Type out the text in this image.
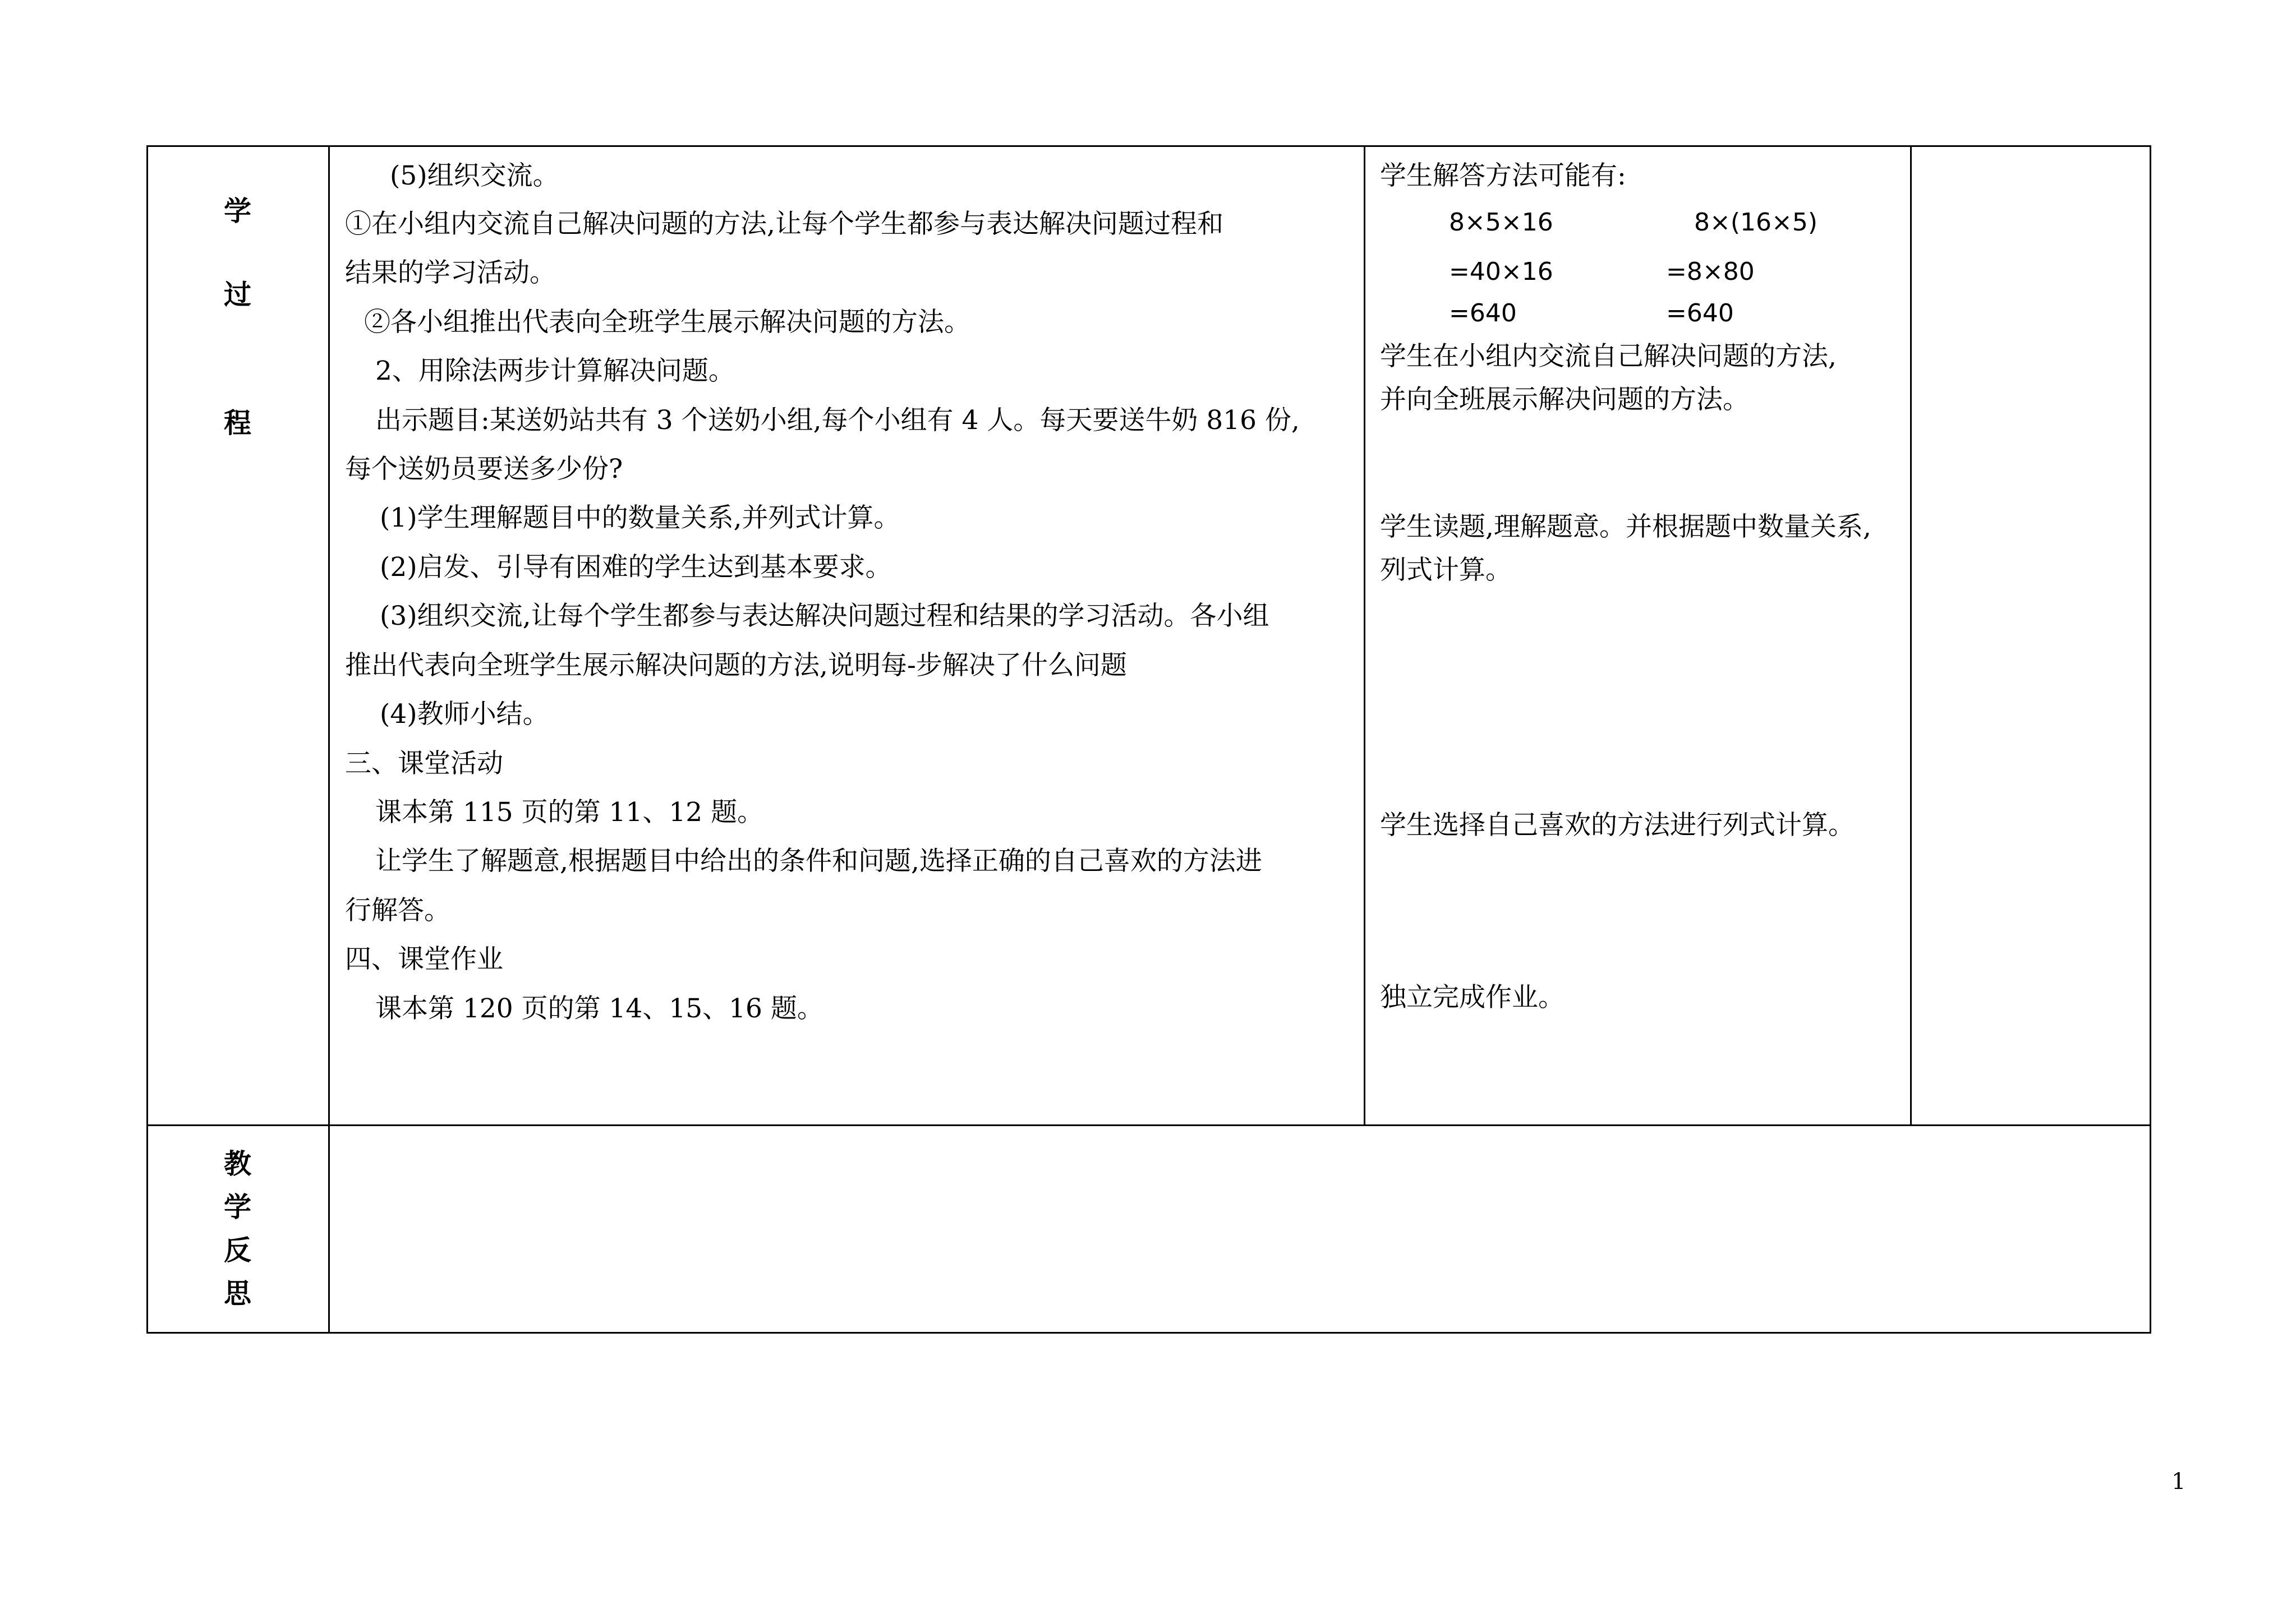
学
过
程
教
学
反
思
(5)组织交流。
①在小组内交流自己解决问题的方法,让每个学生都参与表达解决问题过程和
结果的学习活动。
②各小组推出代表向全班学生展示解决问题的方法。
2、用除法两步计算解决问题。
出示题目:某送奶站共有 3 个送奶小组,每个小组有 4 人。每天要送牛奶 816 份,
每个送奶员要送多少份?
(1)学生理解题目中的数量关系,并列式计算。
(2)启发、引导有困难的学生达到基本要求。
(3)组织交流,让每个学生都参与表达解决问题过程和结果的学习活动。各小组
推出代表向全班学生展示解决问题的方法,说明每-步解决了什么问题
(4)教师小结。
三、课堂活动
课本第 115 页的第 11、12 题。
让学生了解题意,根据题目中给出的条件和问题,选择正确的自己喜欢的方法进
行解答。
四、课堂作业
课本第 120 页的第 14、15、16 题。
学生解答方法可能有:
8×5×16
=40×16
=640
8×(16×5)
=8×80
=640
学生在小组内交流自己解决问题的方法,
并向全班展示解决问题的方法。
学生读题,理解题意。并根据题中数量关系,
列式计算。
学生选择自己喜欢的方法进行列式计算。
独立完成作业。
1
